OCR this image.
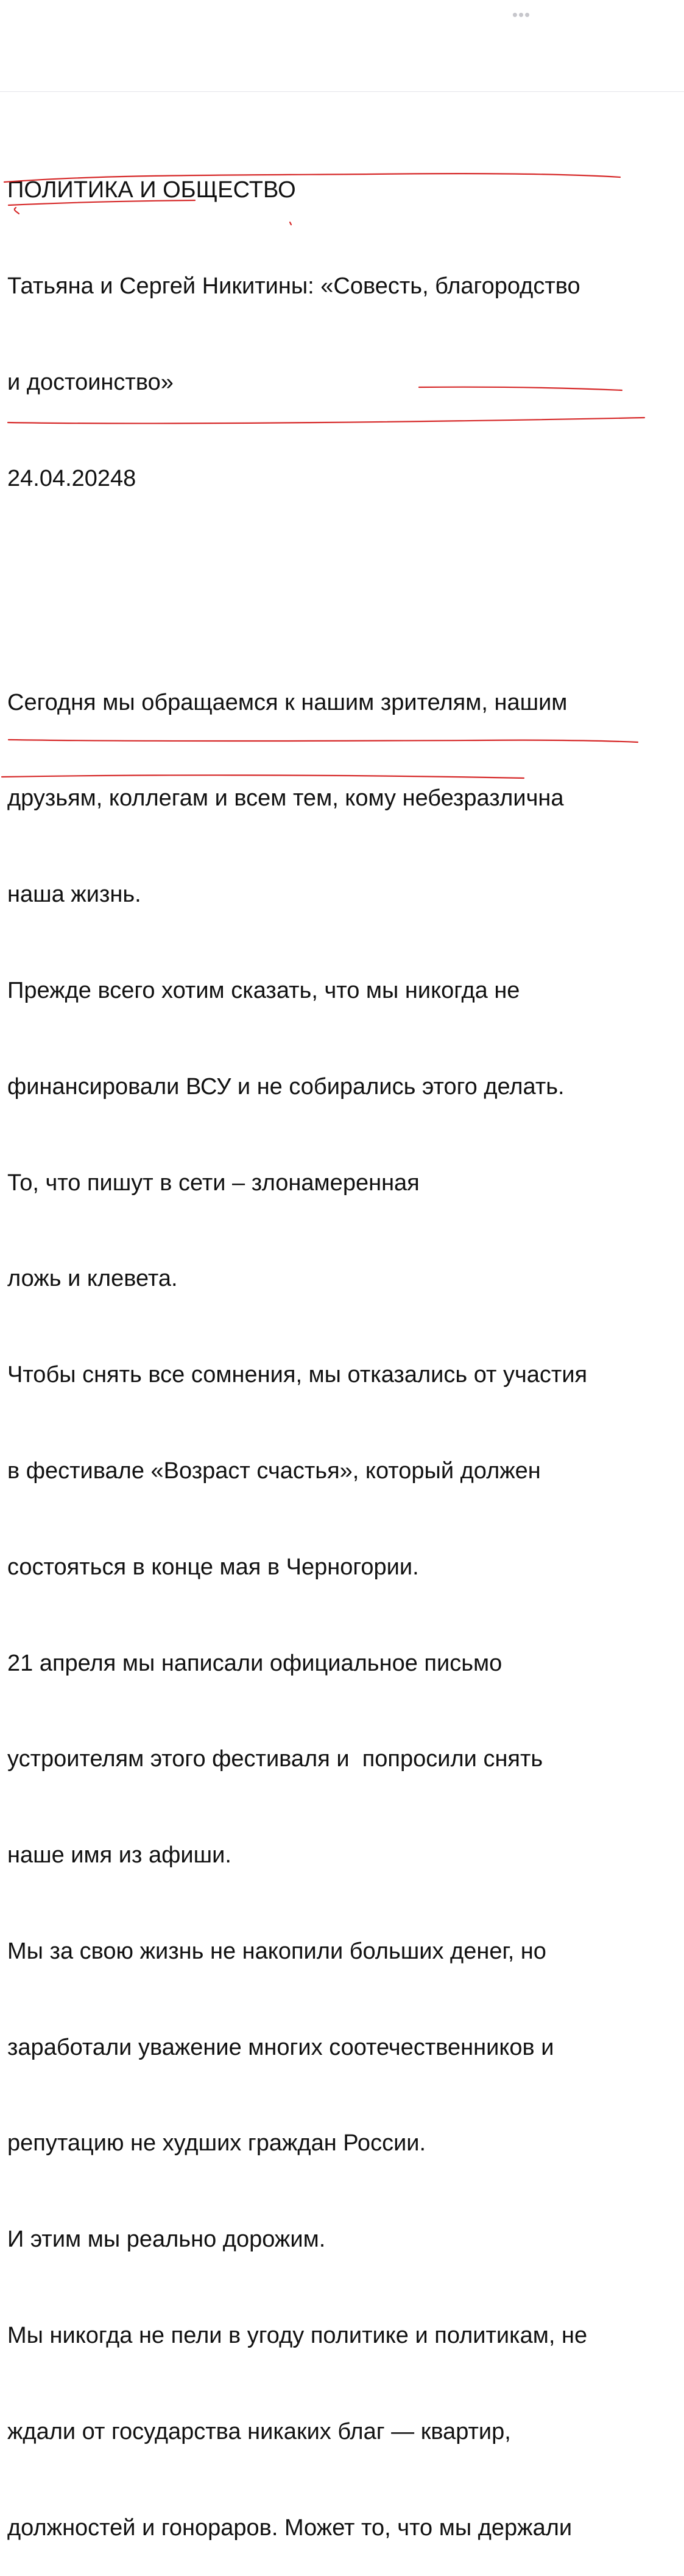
•••

ПОЛИТИКА И ОБЩЕСТВО

Татьяна и Сергей Никитины: «Совесть, благородство

и достоинство»

24.04.20248

Сегодня мы обращаемся к нашим зрителям, нашим

друзьям, коллегам и всем тем, кому небезразлична

наша жизнь.

Прежде всего хотим сказать, что мы никогда не

финансировали ВСУ и не собирались этого делать.

То, что пишут в сети – злонамеренная

ложь и клевета.

Чтобы снять все сомнения, мы отказались от участия

в фестивале «Возраст счастья», который должен

состояться в конце мая в Черногории.

21 апреля мы написали официальное письмо

устроителям этого фестиваля и  попросили снять

наше имя из афиши.

Мы за свою жизнь не накопили больших денег, но

заработали уважение многих соотечественников и

репутацию не худших граждан России.

И этим мы реально дорожим.

Мы никогда не пели в угоду политике и политикам, не

ждали от государства никаких благ — квартир,

должностей и гонораров. Может то, что мы держали
